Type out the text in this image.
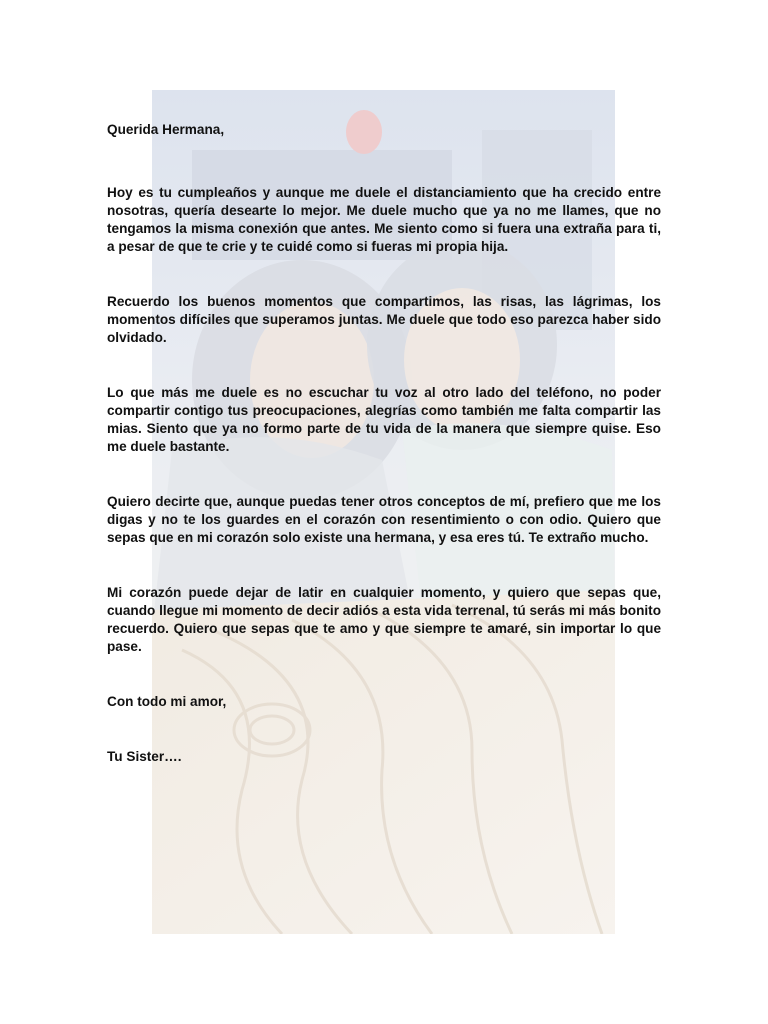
Querida Hermana,

Hoy es tu cumpleaños y aunque me duele el distanciamiento que ha crecido entre nosotras, quería desearte lo mejor. Me duele mucho que ya no me llames, que no tengamos la misma conexión que antes. Me siento como si fuera una extraña para ti, a pesar de que te crie y te cuidé como si fueras mi propia hija.

Recuerdo los buenos momentos que compartimos, las risas, las lágrimas, los momentos difíciles que superamos juntas. Me duele que todo eso parezca haber sido olvidado.

Lo que más me duele es no escuchar tu voz al otro lado del teléfono, no poder compartir contigo tus preocupaciones, alegrías como también me falta compartir las mias. Siento que ya no formo parte de tu vida de la manera que siempre quise. Eso me duele bastante.

Quiero decirte que, aunque puedas tener otros conceptos de mí, prefiero que me los digas y no te los guardes en el corazón con resentimiento o con odio. Quiero que sepas que en mi corazón solo existe una hermana, y esa eres tú. Te extraño mucho.

Mi corazón puede dejar de latir en cualquier momento, y quiero que sepas que, cuando llegue mi momento de decir adiós a esta vida terrenal, tú serás mi más bonito recuerdo. Quiero que sepas que te amo y que siempre te amaré, sin importar lo que pase.

Con todo mi amor,

Tu Sister….
